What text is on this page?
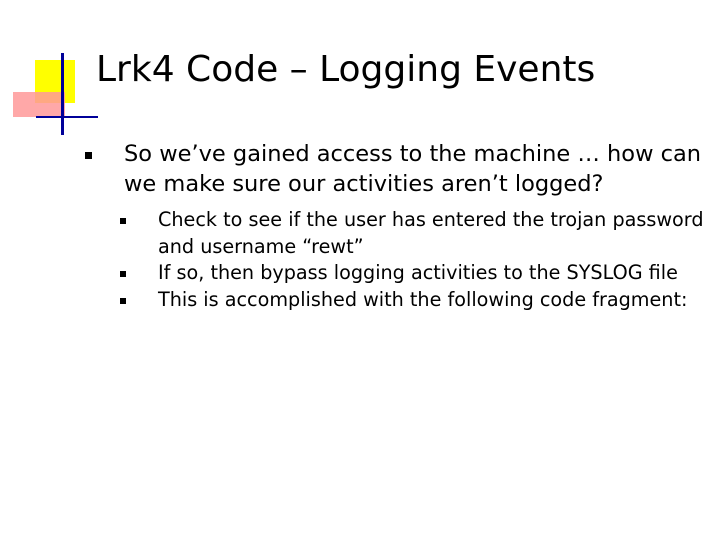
Lrk4 Code – Logging Events
So we’ve gained access to the machine … how can we make sure our activities aren’t logged?
Check to see if the user has entered the trojan password and username “rewt”
If so, then bypass logging activities to the SYSLOG file
This is accomplished with the following code fragment:
